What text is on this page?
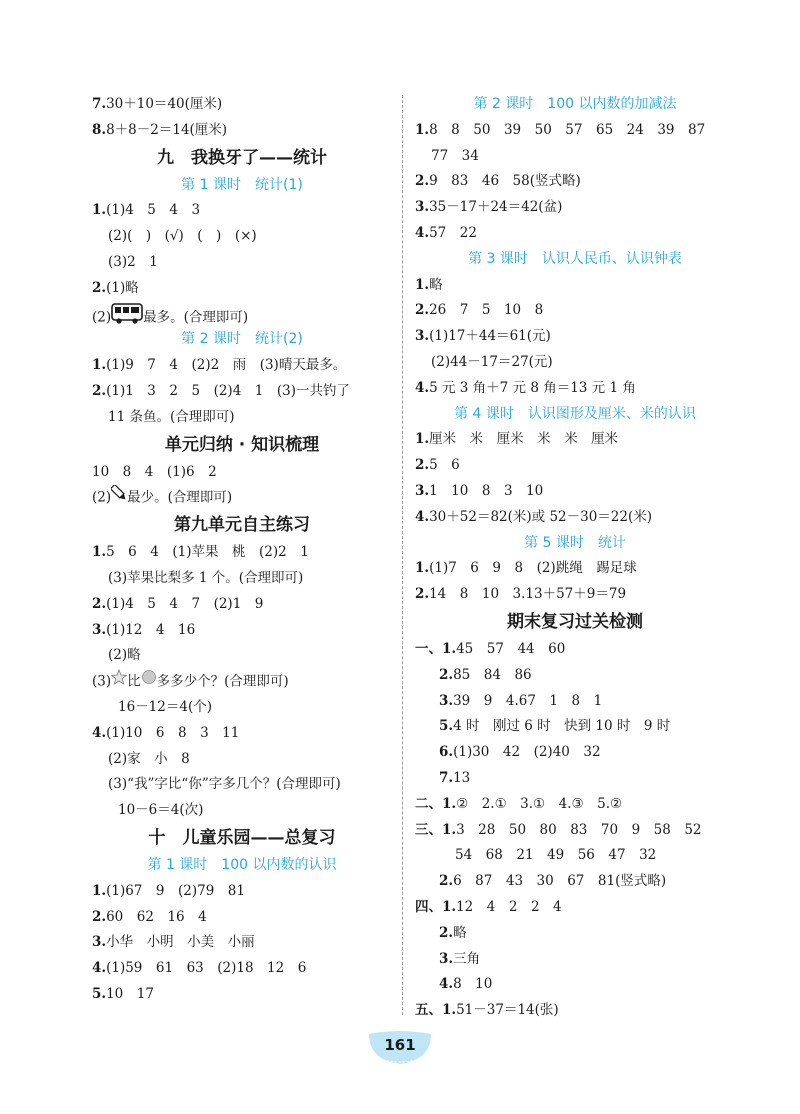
7.30＋10＝40(厘米)
8.8＋8－2＝14(厘米)
九　我换牙了——统计
第 1 课时　统计(1)
1.(1)4　5　4　3
(2)(　)　(√)　(　)　(×)
(3)2　1
2.(1)略
(2) 最多。(合理即可)
第 2 课时　统计(2)
1.(1)9　7　4　(2)2　雨　(3)晴天最多。
2.(1)1　3　2　5　(2)4　1　(3)一共钓了
11 条鱼。(合理即可)
单元归纳 · 知识梳理
10　8　4　(1)6　2
(2) 最少。(合理即可)
第九单元自主练习
1.5　6　4　(1)苹果　桃　(2)2　1
(3)苹果比梨多 1 个。(合理即可)
2.(1)4　5　4　7　(2)1　9
3.(1)12　4　16
(2)略
(3) 比 多多少个？(合理即可)
16－12＝4(个)
4.(1)10　6　8　3　11
(2)家　小　8
(3)“我”字比“你”字多几个？(合理即可)
10－6＝4(次)
十　儿童乐园——总复习
第 1 课时　100 以内数的认识
1.(1)67　9　(2)79　81
2.60　62　16　4
3.小华　小明　小美　小丽
4.(1)59　61　63　(2)18　12　6
5.10　17
第 2 课时　100 以内数的加减法
1.8　8　50　39　50　57　65　24　39　87
77　34
2.9　83　46　58(竖式略)
3.35－17＋24＝42(盆)
4.57　22
第 3 课时　认识人民币、认识钟表
1.略
2.26　7　5　10　8
3.(1)17＋44＝61(元)
(2)44－17＝27(元)
4.5 元 3 角＋7 元 8 角＝13 元 1 角
第 4 课时　认识图形及厘米、米的认识
1.厘米　米　厘米　米　米　厘米
2.5　6
3.1　10　8　3　10
4.30＋52＝82(米)或 52－30＝22(米)
第 5 课时　统计
1.(1)7　6　9　8　(2)跳绳　踢足球
2.14　8　10　3.13＋57＋9＝79
期末复习过关检测
一、1.45　57　44　60
2.85　84　86
3.39　9　4.67　1　8　1
5.4 时　刚过 6 时　快到 10 时　9 时
6.(1)30　42　(2)40　32
7.13
二、1.②　2.①　3.①　4.③　5.②
三、1.3　28　50　80　83　70　9　58　52
54　68　21　49　56　47　32
2.6　87　43　30　67　81(竖式略)
四、1.12　4　2　2　4
2.略
3.三角
4.8　10
五、1.51－37＝14(张)
161
